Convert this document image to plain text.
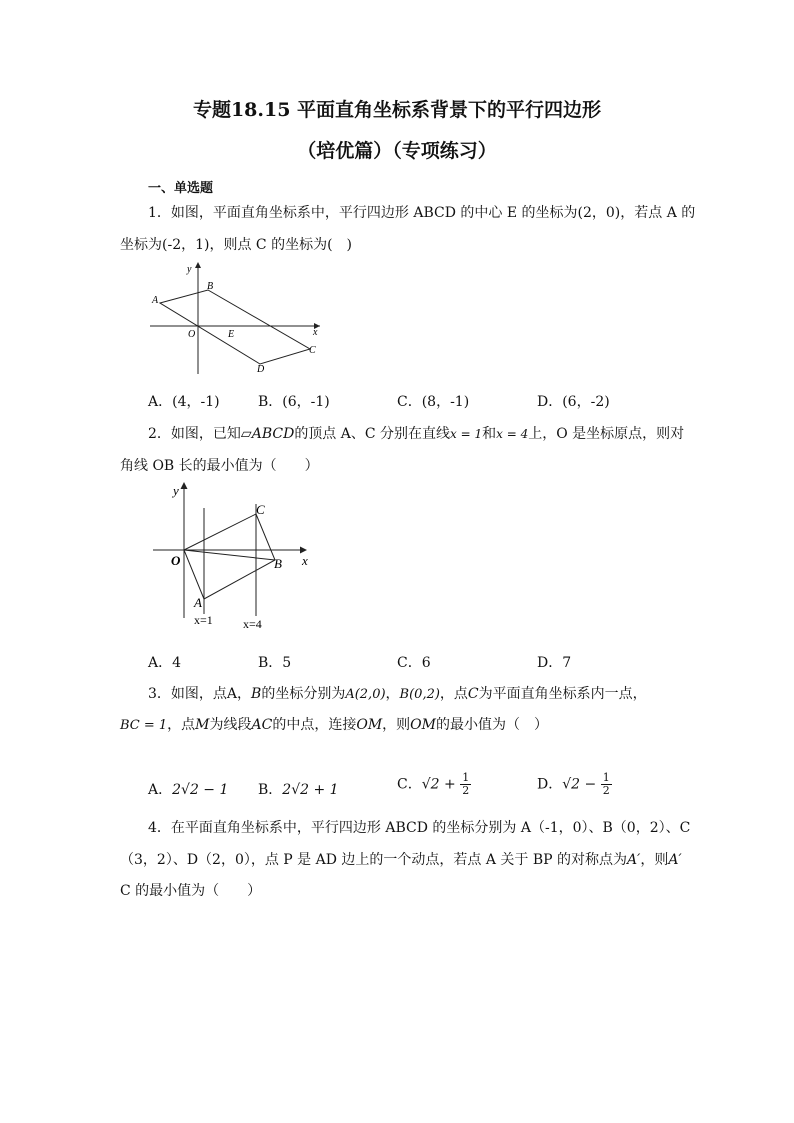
专题18.15 平面直角坐标系背景下的平行四边形
（培优篇）（专项练习）
一、单选题
1．如图，平面直角坐标系中，平行四边形 ABCD 的中心 E 的坐标为(2，0)，若点 A 的
坐标为(-2，1)，则点 C 的坐标为(　)
y
x
O
A
B
C
D
E
A．(4，-1)	B．(6，-1)	C．(8，-1)	D．(6，-2)
2．如图，已知▱ABCD的顶点 A、C 分别在直线x = 1和x = 4上，O 是坐标原点，则对
角线 OB 长的最小值为（　　）
y
x
O
A
B
C
x=1	x=4
A．4	B．5	C．6	D．7
3．如图，点A，B的坐标分别为A(2,0)，B(0,2)，点C为平面直角坐标系内一点，
BC = 1，点M为线段AC的中点，连接OM，则OM的最小值为（　）
A．2√2 − 1 B．2√2 + 1	C．$√2 + \frac{1}{2}$	D．$√2 - \frac{1}{2}$
4．在平面直角坐标系中，平行四边形 ABCD 的坐标分别为 A（-1，0）、B（0，2）、C
（3，2）、D（2，0），点 P 是 AD 边上的一个动点，若点 A 关于 BP 的对称点为A′，则A′
C 的最小值为（　　）
